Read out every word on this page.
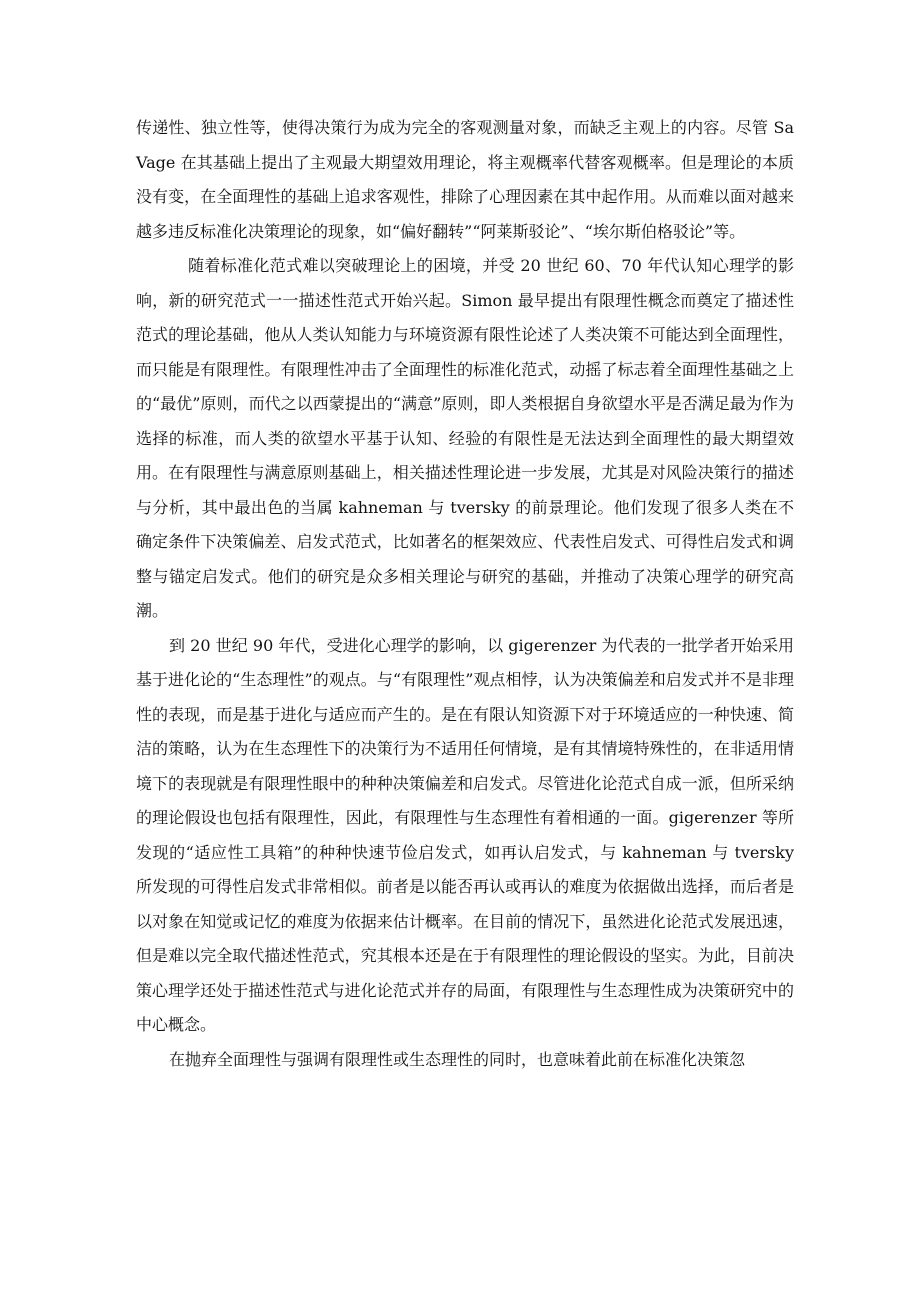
传递性、独立性等，使得决策行为成为完全的客观测量对象，而缺乏主观上的内容。尽管 SaVage 在其基础上提出了主观最大期望效用理论，将主观概率代替客观概率。但是理论的本质没有变，在全面理性的基础上追求客观性，排除了心理因素在其中起作用。从而难以面对越来越多违反标准化决策理论的现象，如“偏好翻转”“阿莱斯驳论”、“埃尔斯伯格驳论”等。

随着标准化范式难以突破理论上的困境，并受 20 世纪 60、70 年代认知心理学的影响，新的研究范式一一描述性范式开始兴起。Simon 最早提出有限理性概念而奠定了描述性范式的理论基础，他从人类认知能力与环境资源有限性论述了人类决策不可能达到全面理性，而只能是有限理性。有限理性冲击了全面理性的标准化范式，动摇了标志着全面理性基础之上的“最优”原则，而代之以西蒙提出的“满意”原则，即人类根据自身欲望水平是否满足最为作为选择的标准，而人类的欲望水平基于认知、经验的有限性是无法达到全面理性的最大期望效用。在有限理性与满意原则基础上，相关描述性理论进一步发展，尤其是对风险决策行的描述与分析，其中最出色的当属 kahneman 与 tversky 的前景理论。他们发现了很多人类在不确定条件下决策偏差、启发式范式，比如著名的框架效应、代表性启发式、可得性启发式和调整与锚定启发式。他们的研究是众多相关理论与研究的基础，并推动了决策心理学的研究高潮。

到 20 世纪 90 年代，受进化心理学的影响，以 gigerenzer 为代表的一批学者开始采用基于进化论的“生态理性”的观点。与“有限理性”观点相悖，认为决策偏差和启发式并不是非理性的表现，而是基于进化与适应而产生的。是在有限认知资源下对于环境适应的一种快速、简洁的策略，认为在生态理性下的决策行为不适用任何情境，是有其情境特殊性的，在非适用情境下的表现就是有限理性眼中的种种决策偏差和启发式。尽管进化论范式自成一派，但所采纳的理论假设也包括有限理性，因此，有限理性与生态理性有着相通的一面。gigerenzer 等所发现的“适应性工具箱”的种种快速节俭启发式，如再认启发式，与 kahneman 与 tversky 所发现的可得性启发式非常相似。前者是以能否再认或再认的难度为依据做出选择，而后者是以对象在知觉或记忆的难度为依据来估计概率。在目前的情况下，虽然进化论范式发展迅速，但是难以完全取代描述性范式，究其根本还是在于有限理性的理论假设的坚实。为此，目前决策心理学还处于描述性范式与进化论范式并存的局面，有限理性与生态理性成为决策研究中的中心概念。

在抛弃全面理性与强调有限理性或生态理性的同时，也意味着此前在标准化决策忽
